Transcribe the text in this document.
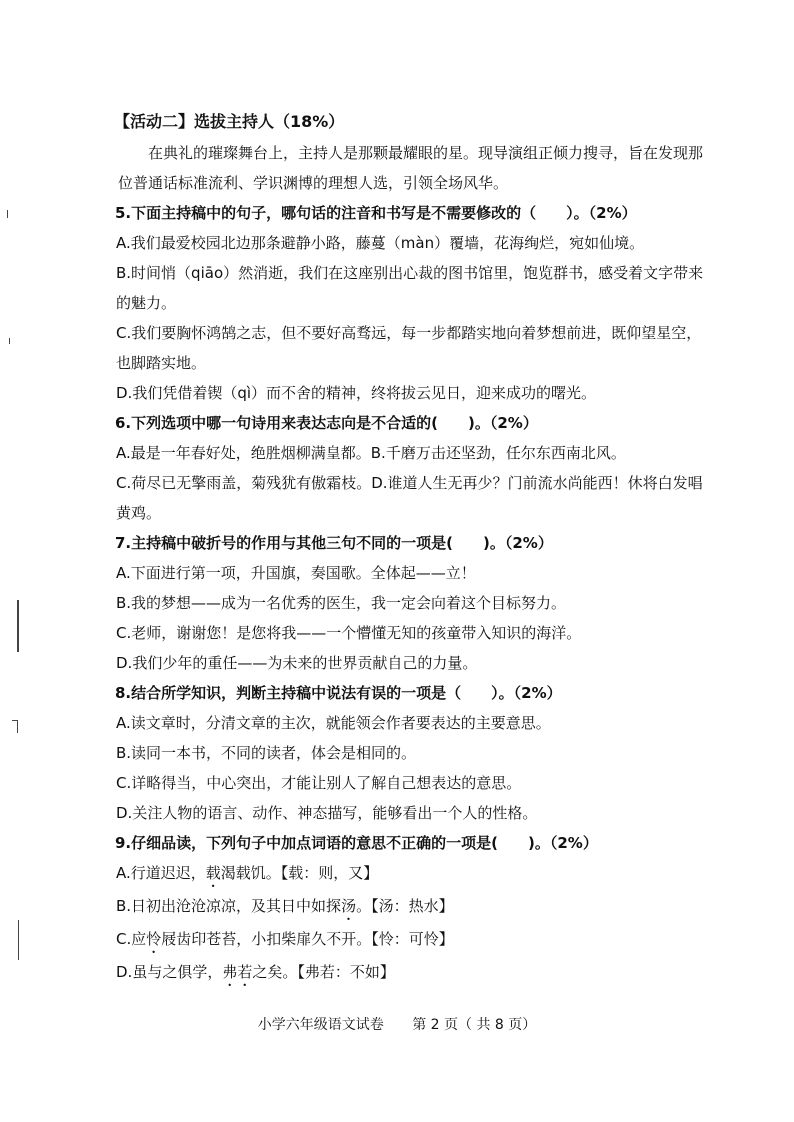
【活动二】选拔主持人（18%）
在典礼的璀璨舞台上，主持人是那颗最耀眼的星。现导演组正倾力搜寻，旨在发现那位普通话标准流利、学识渊博的理想人选，引领全场风华。
5.下面主持稿中的句子，哪句话的注音和书写是不需要修改的（　　）。（2%）
A.我们最爱校园北边那条避静小路，藤蔓（màn）覆墙，花海绚烂，宛如仙境。
B.时间悄（qiāo）然消逝，我们在这座别出心裁的图书馆里，饱览群书，感受着文字带来的魅力。
C.我们要胸怀鸿鹄之志，但不要好高骛远，每一步都踏实地向着梦想前进，既仰望星空，也脚踏实地。
D.我们凭借着锲（qì）而不舍的精神，终将拔云见日，迎来成功的曙光。
6.下列选项中哪一句诗用来表达志向是不合适的(　　)。（2%）
A.最是一年春好处，绝胜烟柳满皇都。B.千磨万击还坚劲，任尔东西南北风。
C.荷尽已无擎雨盖，菊残犹有傲霜枝。D.谁道人生无再少？门前流水尚能西！休将白发唱黄鸡。
7.主持稿中破折号的作用与其他三句不同的一项是(　　)。（2%）
A.下面进行第一项，升国旗，奏国歌。全体起——立！
B.我的梦想——成为一名优秀的医生，我一定会向着这个目标努力。
C.老师，谢谢您！是您将我——一个懵懂无知的孩童带入知识的海洋。
D.我们少年的重任——为未来的世界贡献自己的力量。
8.结合所学知识，判断主持稿中说法有误的一项是（　　）。（2%）
A.读文章时，分清文章的主次，就能领会作者要表达的主要意思。
B.读同一本书，不同的读者，体会是相同的。
C.详略得当，中心突出，才能让别人了解自己想表达的意思。
D.关注人物的语言、动作、神态描写，能够看出一个人的性格。
9.仔细品读，下列句子中加点词语的意思不正确的一项是(　　)。（2%）
A.行道迟迟，载渴载饥。【载：则，又】
B.日初出沧沧凉凉，及其日中如探汤。【汤：热水】
C.应怜屐齿印苍苔，小扣柴扉久不开。【怜：可怜】
D.虽与之俱学，弗若之矣。【弗若：不如】
小学六年级语文试卷 第 2 页（ 共 8 页）
